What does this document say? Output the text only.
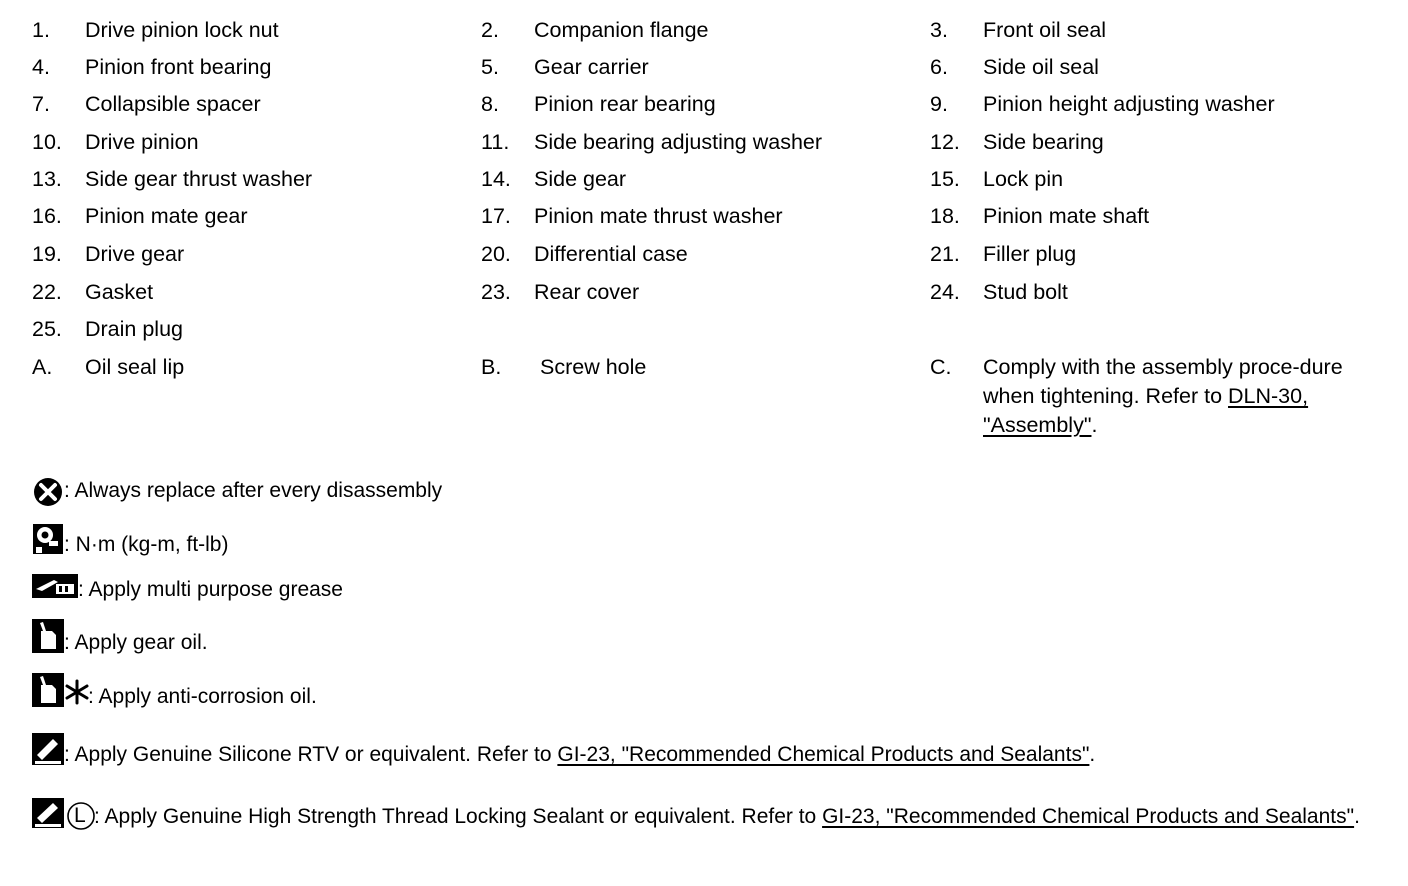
1. Drive pinion lock nut	2. Companion flange	3. Front oil seal
4. Pinion front bearing	5. Gear carrier	6. Side oil seal
7. Collapsible spacer	8. Pinion rear bearing	9. Pinion height adjusting washer
10. Drive pinion	11. Side bearing adjusting washer	12. Side bearing
13. Side gear thrust washer	14. Side gear	15. Lock pin
16. Pinion mate gear	17. Pinion mate thrust washer	18. Pinion mate shaft
19. Drive gear	20. Differential case	21. Filler plug
22. Gasket	23. Rear cover	24. Stud bolt
25. Drain plug
A. Oil seal lip	B. Screw hole	C. Comply with the assembly proce-dure when tightening. Refer to DLN-30, "Assembly".
: Always replace after every disassembly
: N·m (kg-m, ft-lb)
: Apply multi purpose grease
: Apply gear oil.
: Apply anti-corrosion oil.
: Apply Genuine Silicone RTV or equivalent. Refer to GI-23, "Recommended Chemical Products and Sealants".
L : Apply Genuine High Strength Thread Locking Sealant or equivalent. Refer to GI-23, "Recommended Chemical Products and Sealants".
